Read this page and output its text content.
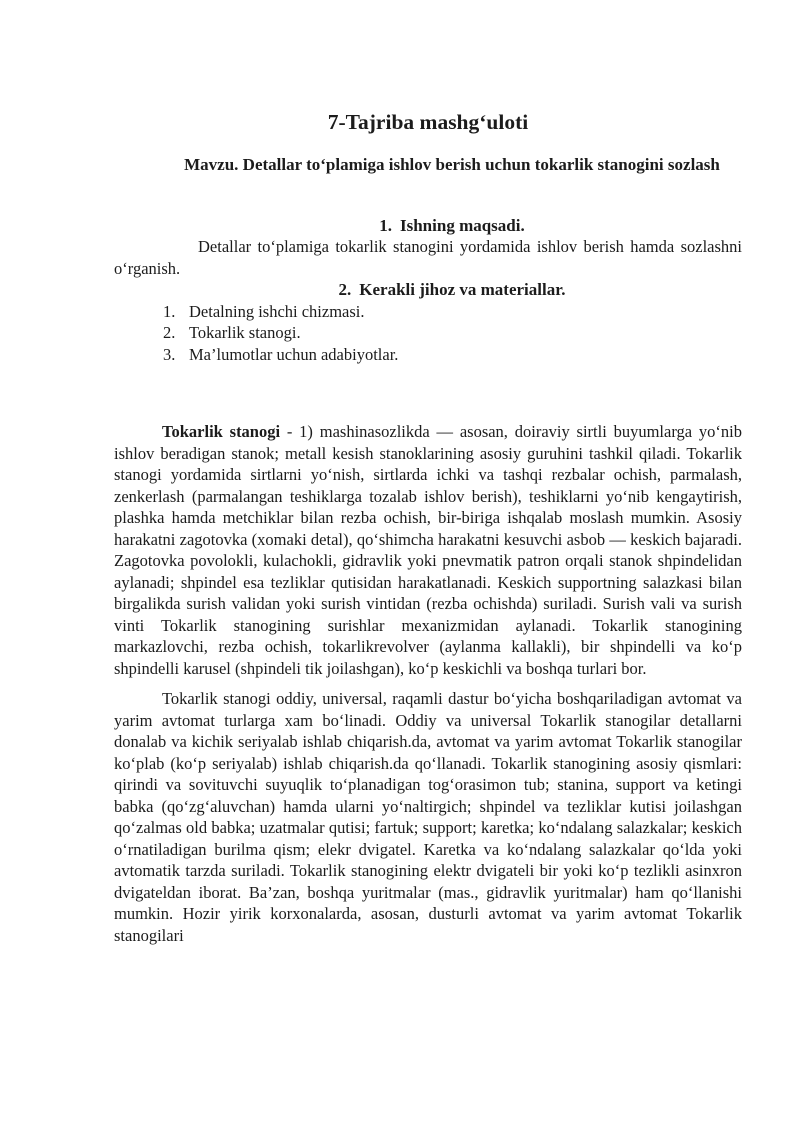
7-Tajriba mashg‘uloti
Mavzu. Detallar to‘plamiga ishlov berish uchun tokarlik stanogini sozlash
1. Ishning maqsadi.

Detallar to‘plamiga tokarlik stanogini yordamida ishlov berish hamda sozlashni o‘rganish.

2. Kerakli jihoz va materiallar.
1. Detalning ishchi chizmasi.
2. Tokarlik stanogi.
3. Ma’lumotlar uchun adabiyotlar.

Tokarlik stanogi - 1) mashinasozlikda — asosan, doiraviy sirtli buyumlarga yo‘nib ishlov beradigan stanok; metall kesish stanoklarining asosiy guruhini tashkil qiladi. Tokarlik stanogi yordamida sirtlarni yo‘nish, sirtlarda ichki va tashqi rezbalar ochish, parmalash, zenkerlash (parmalangan teshiklarga tozalab ishlov berish), teshiklarni yo‘nib kengaytirish, plashka hamda metchiklar bilan rezba ochish, bir-biriga ishqalab moslash mumkin. Asosiy harakatni zagotovka (xomaki detal), qo‘shimcha harakatni kesuvchi asbob — keskich bajaradi. Zagotovka povolokli, kulachokli, gidravlik yoki pnevmatik patron orqali stanok shpindelidan aylanadi; shpindel esa tezliklar qutisidan harakatlanadi. Keskich supportning salazkasi bilan birgalikda surish validan yoki surish vintidan (rezba ochishda) suriladi. Surish vali va surish vinti Tokarlik stanogining surishlar mexanizmidan aylanadi. Tokarlik stanogining markazlovchi, rezba ochish, tokarlikrevolver (aylanma kallakli), bir shpindelli va ko‘p shpindelli karusel (shpindeli tik joilashgan), ko‘p keskichli va boshqa turlari bor.

Tokarlik stanogi oddiy, universal, raqamli dastur bo‘yicha boshqariladigan avtomat va yarim avtomat turlarga xam bo‘linadi. Oddiy va universal Tokarlik stanogilar detallarni donalab va kichik seriyalab ishlab chiqarish.da, avtomat va yarim avtomat Tokarlik stanogilar ko‘plab (ko‘p seriyalab) ishlab chiqarish.da qo‘llanadi. Tokarlik stanogining asosiy qismlari: qirindi va sovituvchi suyuqlik to‘planadigan tog‘orasimon tub; stanina, support va ketingi babka (qo‘zg‘aluvchan) hamda ularni yo‘naltirgich; shpindel va tezliklar kutisi joilashgan qo‘zalmas old babka; uzatmalar qutisi; fartuk; support; karetka; ko‘ndalang salazkalar; keskich o‘rnatiladigan burilma qism; elekr dvigatel. Karetka va ko‘ndalang salazkalar qo‘lda yoki avtomatik tarzda suriladi. Tokarlik stanogining elektr dvigateli bir yoki ko‘p tezlikli asinxron dvigateldan iborat. Ba’zan, boshqa yuritmalar (mas., gidravlik yuritmalar) ham qo‘llanishi mumkin. Hozir yirik korxonalarda, asosan, dusturli avtomat va yarim avtomat Tokarlik stanogilari
